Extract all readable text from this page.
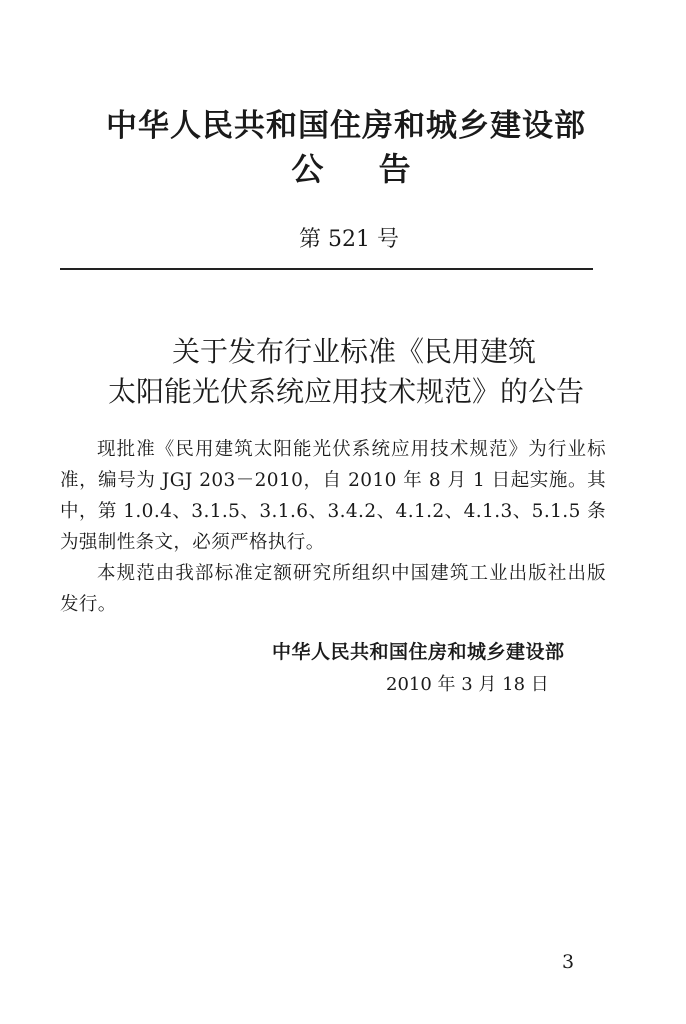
中华人民共和国住房和城乡建设部
公 告
第 521 号
关于发布行业标准《民用建筑
太阳能光伏系统应用技术规范》的公告

现批准《民用建筑太阳能光伏系统应用技术规范》为行业标准，编号为 JGJ 203－2010，自 2010 年 8 月 1 日起实施。其中，第 1.0.4、3.1.5、3.1.6、3.4.2、4.1.2、4.1.3、5.1.5 条为强制性条文，必须严格执行。

本规范由我部标准定额研究所组织中国建筑工业出版社出版发行。

中华人民共和国住房和城乡建设部
2010 年 3 月 18 日
3
